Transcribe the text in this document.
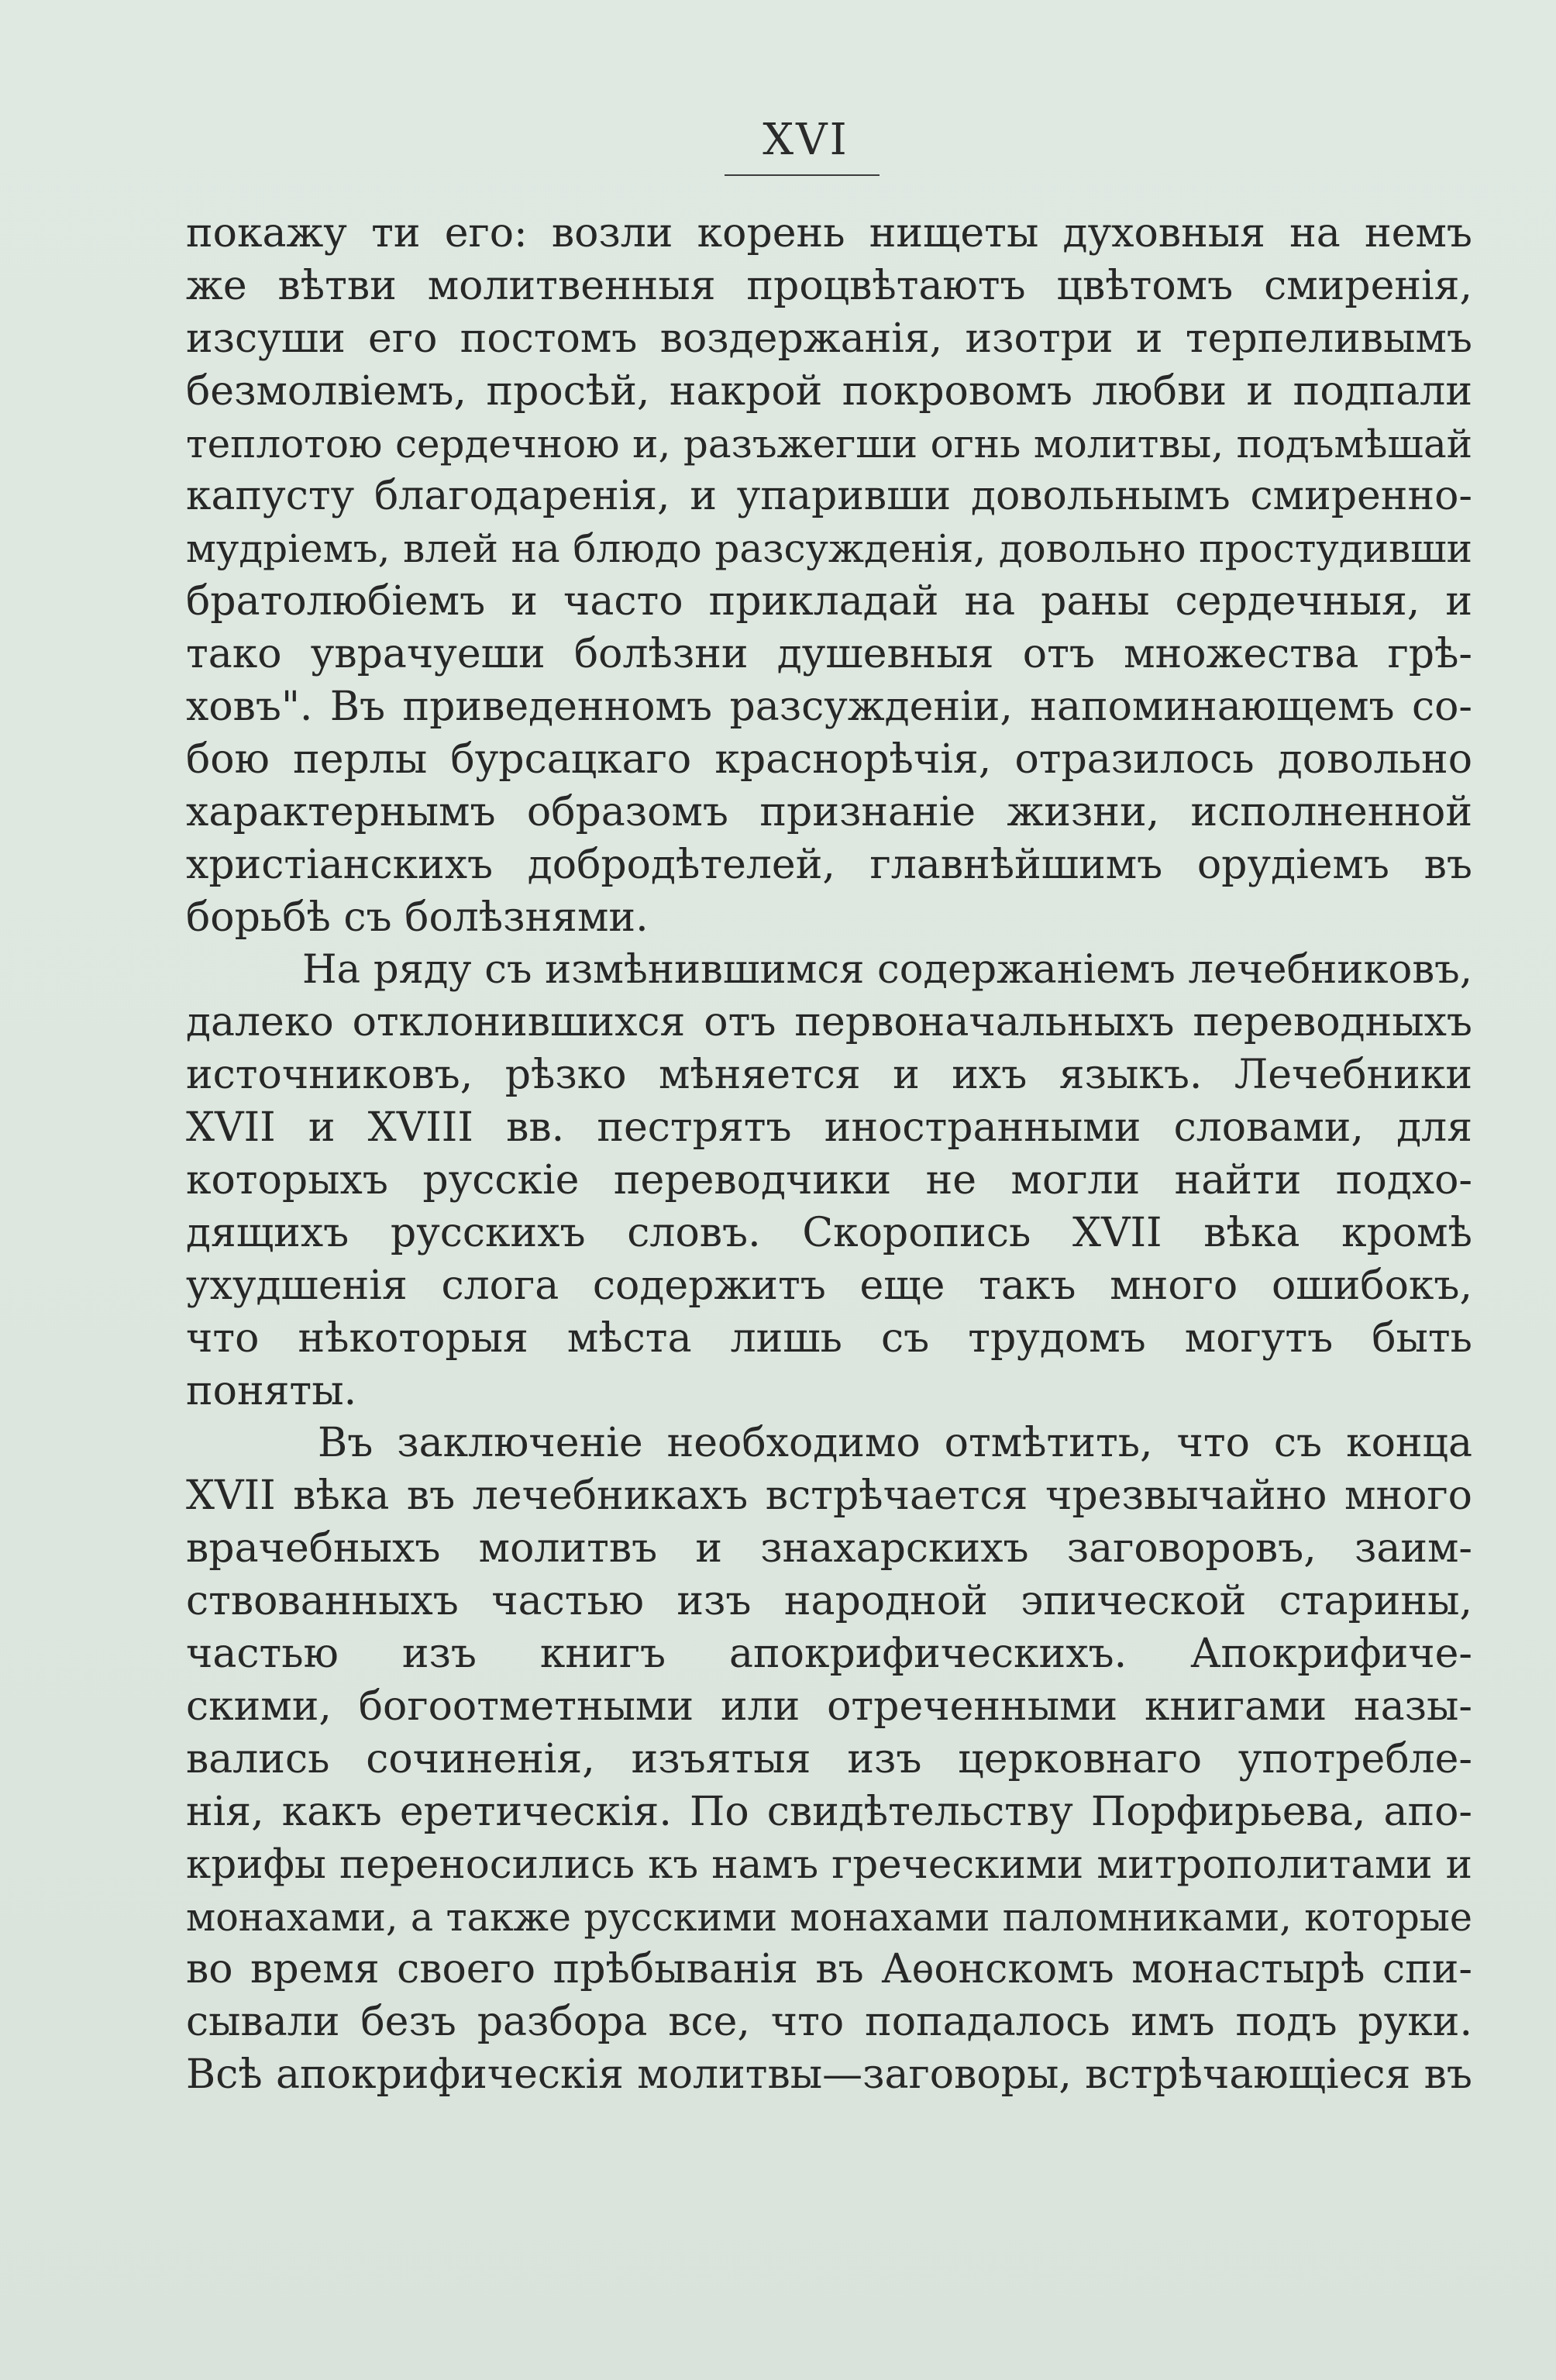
XVI
покажу ти его: возли корень нищеты духовныя на немъ
же вѣтви молитвенныя процвѣтаютъ цвѣтомъ смиренія,
изсуши его постомъ воздержанія, изотри и терпеливымъ
безмолвіемъ, просѣй, накрой покровомъ любви и подпали
теплотою сердечною и, разъжегши огнь молитвы, подъмѣшай
капусту благодаренія, и упаривши довольнымъ смиренно-
мудріемъ, влей на блюдо разсужденія, довольно простудивши
братолюбіемъ и часто прикладай на раны сердечныя, и
тако уврачуеши болѣзни душевныя отъ множества грѣ-
ховъ". Въ приведенномъ разсужденіи, напоминающемъ со-
бою перлы бурсацкаго краснорѣчія, отразилось довольно
характернымъ образомъ признаніе жизни, исполненной
христіанскихъ добродѣтелей, главнѣйшимъ орудіемъ въ
борьбѣ съ болѣзнями.
На ряду съ измѣнившимся содержаніемъ лечебниковъ,
далеко отклонившихся отъ первоначальныхъ переводныхъ
источниковъ, рѣзко мѣняется и ихъ языкъ. Лечебники
XVII и XVIII вв. пестрятъ иностранными словами, для
которыхъ русскіе переводчики не могли найти подхо-
дящихъ русскихъ словъ. Скоропись XVII вѣка кромѣ
ухудшенія слога содержитъ еще такъ много ошибокъ,
что нѣкоторыя мѣста лишь съ трудомъ могутъ быть
поняты.
Въ заключеніе необходимо отмѣтить, что съ конца
XVII вѣка въ лечебникахъ встрѣчается чрезвычайно много
врачебныхъ молитвъ и знахарскихъ заговоровъ, заим-
ствованныхъ частью изъ народной эпической старины,
частью изъ книгъ апокрифическихъ. Апокрифиче-
скими, богоотметными или отреченными книгами назы-
вались сочиненія, изъятыя изъ церковнаго употребле-
нія, какъ еретическія. По свидѣтельству Порфирьева, апо-
крифы переносились къ намъ греческими митрополитами и
монахами, а также русскими монахами паломниками, которые
во время своего прѣбыванія въ Аѳонскомъ монастырѣ спи-
сывали безъ разбора все, что попадалось имъ подъ руки.
Всѣ апокрифическія молитвы—заговоры, встрѣчающіеся въ
